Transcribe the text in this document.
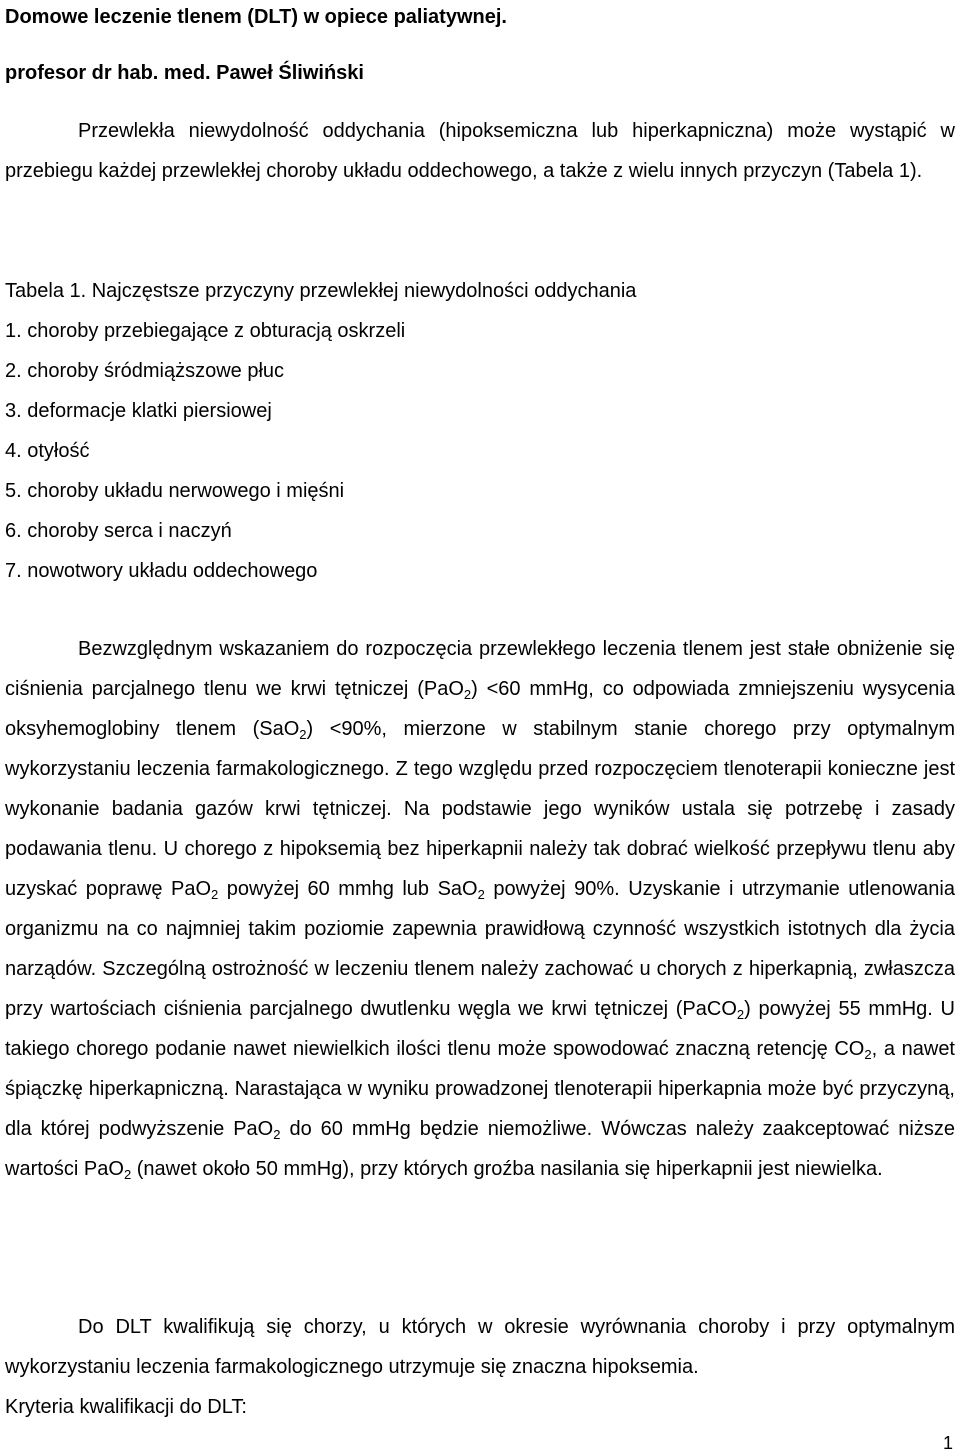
Domowe leczenie tlenem (DLT) w opiece paliatywnej.
profesor dr hab. med. Paweł Śliwiński
Przewlekła niewydolność oddychania (hipoksemiczna lub hiperkapniczna) może wystąpić w przebiegu każdej przewlekłej choroby układu oddechowego, a także z wielu innych przyczyn (Tabela 1).
Tabela 1. Najczęstsze przyczyny przewlekłej niewydolności oddychania
1. choroby przebiegające z obturacją oskrzeli
2. choroby śródmiąższowe płuc
3. deformacje klatki piersiowej
4. otyłość
5. choroby układu nerwowego i mięśni
6. choroby serca i naczyń
7. nowotwory układu oddechowego
Bezwzględnym wskazaniem do rozpoczęcia przewlekłego leczenia tlenem jest stałe obniżenie się ciśnienia parcjalnego tlenu we krwi tętniczej (PaO$_2$) <60 mmHg, co odpowiada zmniejszeniu wysycenia oksyhemoglobiny tlenem (SaO$_2$) <90%, mierzone w stabilnym stanie chorego przy optymalnym wykorzystaniu leczenia farmakologicznego. Z tego względu przed rozpoczęciem tlenoterapii konieczne jest wykonanie badania gazów krwi tętniczej. Na podstawie jego wyników ustala się potrzebę i zasady podawania tlenu. U chorego z hipoksemią bez hiperkapnii należy tak dobrać wielkość przepływu tlenu aby uzyskać poprawę PaO$_2$ powyżej 60 mmhg lub SaO$_2$ powyżej 90%. Uzyskanie i utrzymanie utlenowania organizmu na co najmniej takim poziomie zapewnia prawidłową czynność wszystkich istotnych dla życia narządów. Szczególną ostrożność w leczeniu tlenem należy zachować u chorych z hiperkapnią, zwłaszcza przy wartościach ciśnienia parcjalnego dwutlenku węgla we krwi tętniczej (PaCO$_2$) powyżej 55 mmHg. U takiego chorego podanie nawet niewielkich ilości tlenu może spowodować znaczną retencję $CO_2$, a nawet śpiączkę hiperkapniczną. Narastająca w wyniku prowadzonej tlenoterapii hiperkapnia może być przyczyną, dla której podwyższenie PaO$_2$ do 60 mmHg będzie niemożliwe. Wówczas należy zaakceptować niższe wartości PaO$_2$ (nawet około 50 mmHg), przy których groźba nasilania się hiperkapnii jest niewielka.
Do DLT kwalifikują się chorzy, u których w okresie wyrównania choroby i przy optymalnym wykorzystaniu leczenia farmakologicznego utrzymuje się znaczna hipoksemia.
Kryteria kwalifikacji do DLT:
1
